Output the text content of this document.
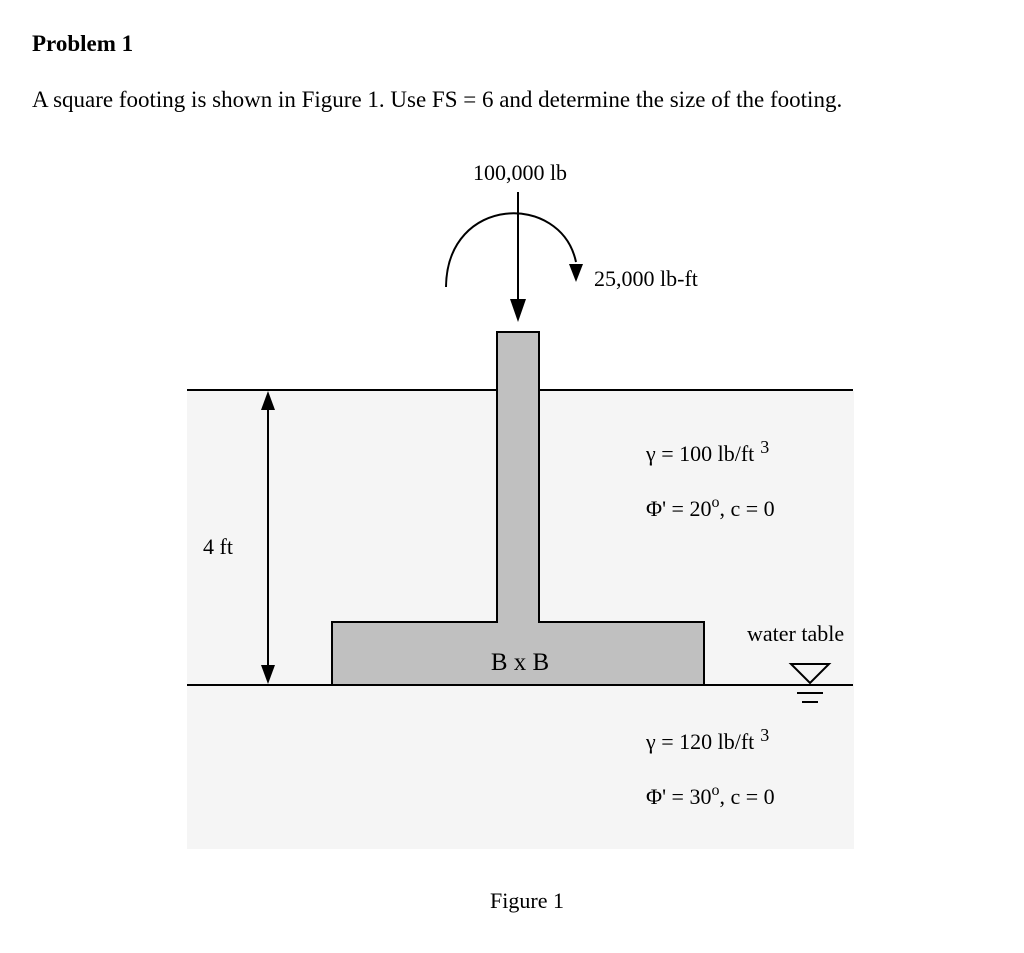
Problem 1
A square footing is shown in Figure 1. Use FS = 6 and determine the size of the footing.
100,000 lb
25,000 lb-ft
4 ft
B x B
water table
γ = 100 lb/ft $^3$
$\Phi' = 20^o$, c = 0
γ = 120 lb/ft $^3$
$\Phi' = 30^o$, c = 0
Figure 1
